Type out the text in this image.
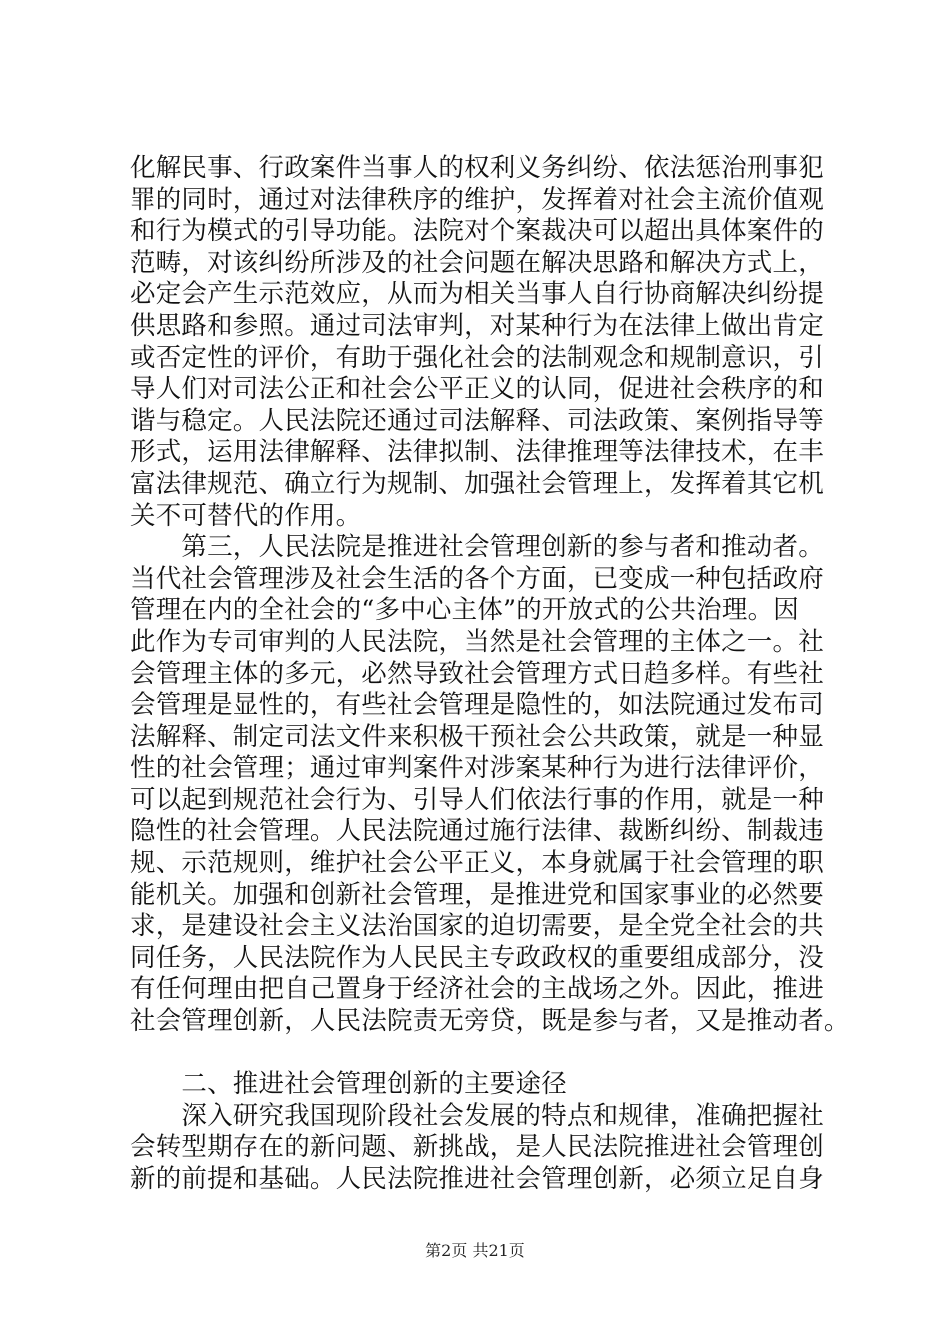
化解民事、行政案件当事人的权利义务纠纷、依法惩治刑事犯
罪的同时，通过对法律秩序的维护，发挥着对社会主流价值观
和行为模式的引导功能。法院对个案裁决可以超出具体案件的
范畴，对该纠纷所涉及的社会问题在解决思路和解决方式上，
必定会产生示范效应，从而为相关当事人自行协商解决纠纷提
供思路和参照。通过司法审判，对某种行为在法律上做出肯定
或否定性的评价，有助于强化社会的法制观念和规制意识，引
导人们对司法公正和社会公平正义的认同，促进社会秩序的和
谐与稳定。人民法院还通过司法解释、司法政策、案例指导等
形式，运用法律解释、法律拟制、法律推理等法律技术，在丰
富法律规范、确立行为规制、加强社会管理上，发挥着其它机
关不可替代的作用。
　　第三，人民法院是推进社会管理创新的参与者和推动者。
当代社会管理涉及社会生活的各个方面，已变成一种包括政府
管理在内的全社会的“多中心主体”的开放式的公共治理。因
此作为专司审判的人民法院，当然是社会管理的主体之一。社
会管理主体的多元，必然导致社会管理方式日趋多样。有些社
会管理是显性的，有些社会管理是隐性的，如法院通过发布司
法解释、制定司法文件来积极干预社会公共政策，就是一种显
性的社会管理；通过审判案件对涉案某种行为进行法律评价，
可以起到规范社会行为、引导人们依法行事的作用，就是一种
隐性的社会管理。人民法院通过施行法律、裁断纠纷、制裁违
规、示范规则，维护社会公平正义，本身就属于社会管理的职
能机关。加强和创新社会管理，是推进党和国家事业的必然要
求，是建设社会主义法治国家的迫切需要，是全党全社会的共
同任务，人民法院作为人民民主专政政权的重要组成部分，没
有任何理由把自己置身于经济社会的主战场之外。因此，推进
社会管理创新，人民法院责无旁贷，既是参与者，又是推动者。
　　二、推进社会管理创新的主要途径
　　深入研究我国现阶段社会发展的特点和规律，准确把握社
会转型期存在的新问题、新挑战，是人民法院推进社会管理创
新的前提和基础。人民法院推进社会管理创新，必须立足自身
第2页 共21页
